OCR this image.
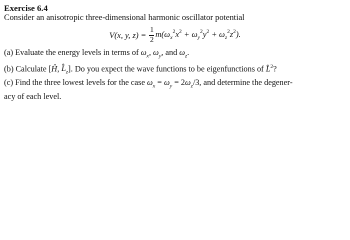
Exercise 6.4

Consider an anisotropic three-dimensional harmonic oscillator potential

V(x, y, z) =
$\frac{1}{2} m(\omega_x^2x^2 + \omega_y^2y^2 + \omega_z^2z^2)$.

(a) Evaluate the energy levels in terms of $\omega_x$, $\omega_y$, and $\omega_z$.

(b) Calculate [Ĥ, $L̂_z$]. Do you expect the wave functions to be eigenfunctions of L̂$^2$?

(c) Find the three lowest levels for the case $\omega_x = \omega_y = 2\omega_z/3$, and determine the degener-

acy of each level.
